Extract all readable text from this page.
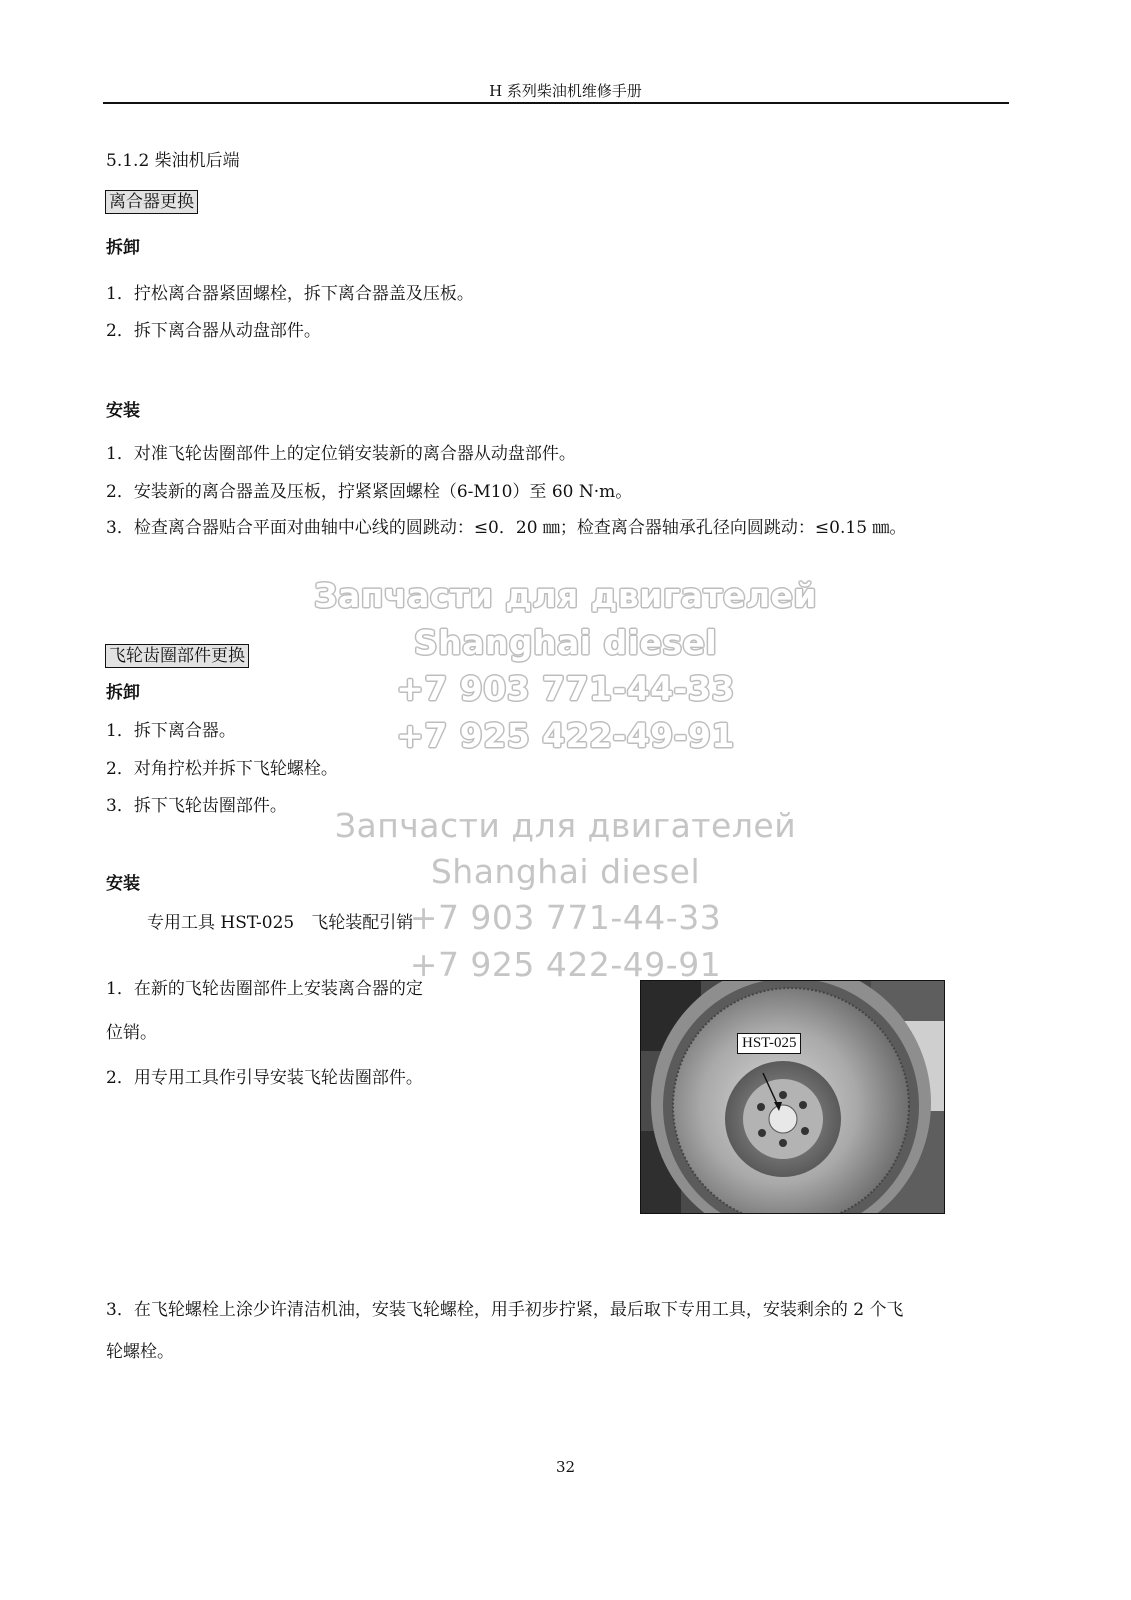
H 系列柴油机维修手册
5.1.2 柴油机后端
离合器更换
拆卸
1．拧松离合器紧固螺栓，拆下离合器盖及压板。
2．拆下离合器从动盘部件。
安装
1．对准飞轮齿圈部件上的定位销安装新的离合器从动盘部件。
2．安装新的离合器盖及压板，拧紧紧固螺栓（6-M10）至 60 N·m。
3．检查离合器贴合平面对曲轴中心线的圆跳动：≤0．20 ㎜；检查离合器轴承孔径向圆跳动：≤0.15 ㎜。
飞轮齿圈部件更换
拆卸
1．拆下离合器。
2．对角拧松并拆下飞轮螺栓。
3．拆下飞轮齿圈部件。
安装
专用工具 HST-025　飞轮装配引销
1．在新的飞轮齿圈部件上安装离合器的定
位销。
2．用专用工具作引导安装飞轮齿圈部件。
HST-025
3．在飞轮螺栓上涂少许清洁机油，安装飞轮螺栓，用手初步拧紧，最后取下专用工具，安装剩余的 2 个飞
轮螺栓。
Запчасти для двигателей
Shanghai diesel
+7 903 771-44-33
+7 925 422-49-91
Запчасти для двигателей
Shanghai diesel
+7 903 771-44-33
+7 925 422-49-91
32
